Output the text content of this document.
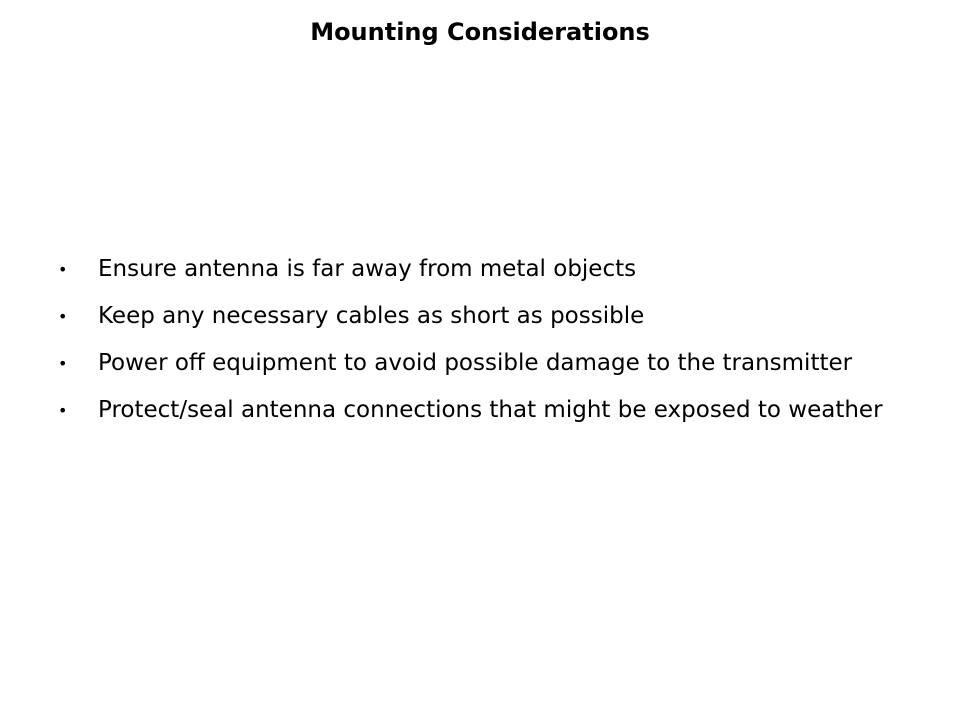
Mounting Considerations
• Ensure antenna is far away from metal objects
• Keep any necessary cables as short as possible
• Power off equipment to avoid possible damage to the transmitter
• Protect/seal antenna connections that might be exposed to weather
